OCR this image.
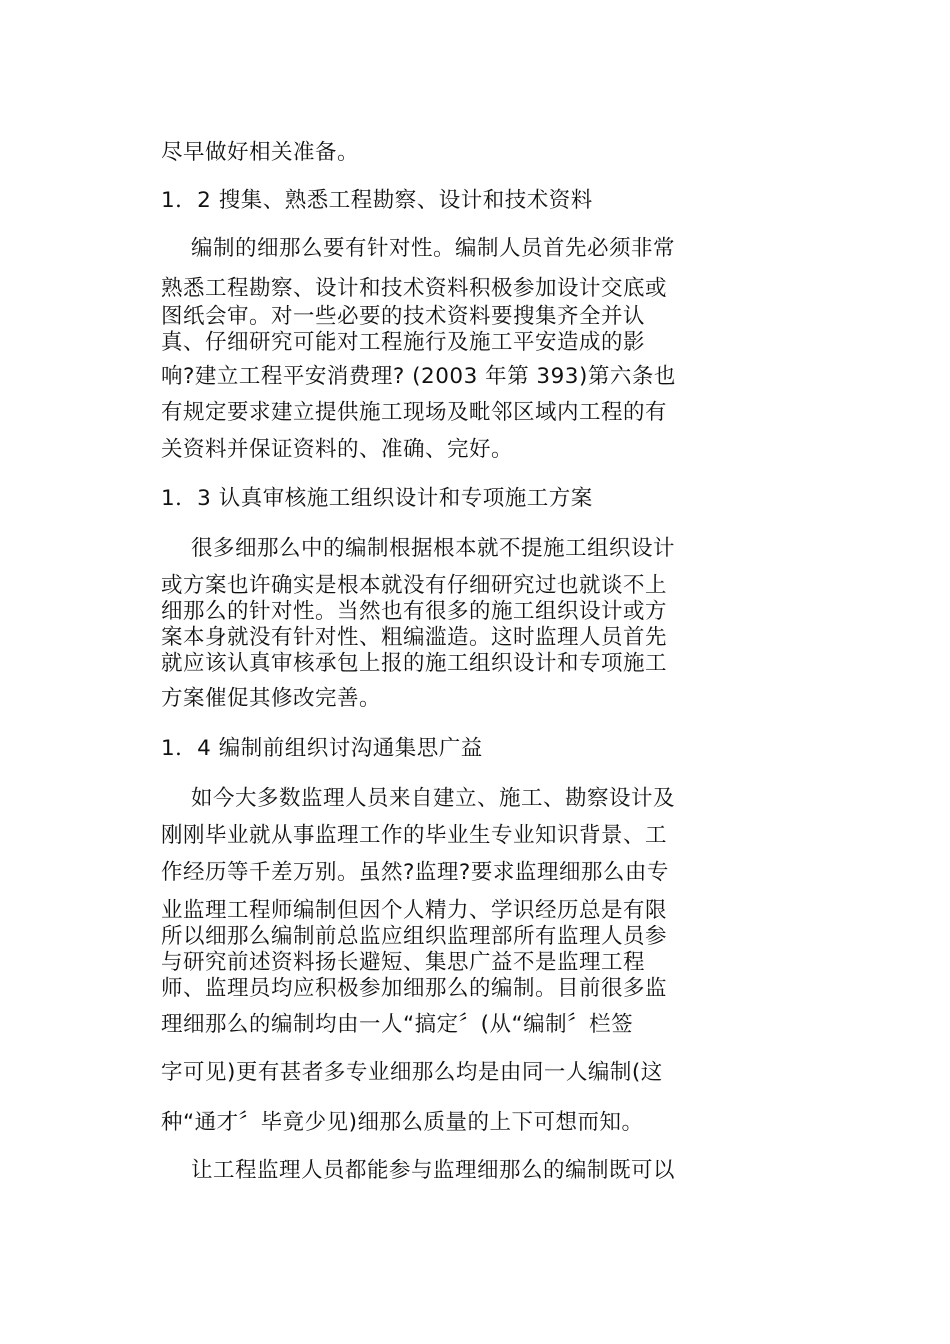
尽早做好相关准备。
1．2 搜集、熟悉工程勘察、设计和技术资料
编制的细那么要有针对性。编制人员首先必须非常
熟悉工程勘察、设计和技术资料积极参加设计交底或
图纸会审。对一些必要的技术资料要搜集齐全并认
真、仔细研究可能对工程施行及施工平安造成的影
响?建立工程平安消费理? (2003 年第 393)第六条也
有规定要求建立提供施工现场及毗邻区域内工程的有
关资料并保证资料的、准确、完好。
1．3 认真审核施工组织设计和专项施工方案
很多细那么中的编制根据根本就不提施工组织设计
或方案也许确实是根本就没有仔细研究过也就谈不上
细那么的针对性。当然也有很多的施工组织设计或方
案本身就没有针对性、粗编滥造。这时监理人员首先
就应该认真审核承包上报的施工组织设计和专项施工
方案催促其修改完善。
1．4 编制前组织讨沟通集思广益
如今大多数监理人员来自建立、施工、勘察设计及
刚刚毕业就从事监理工作的毕业生专业知识背景、工
作经历等千差万别。虽然?监理?要求监理细那么由专
业监理工程师编制但因个人精力、学识经历总是有限
所以细那么编制前总监应组织监理部所有监理人员参
与研究前述资料扬长避短、集思广益不是监理工程
师、监理员均应积极参加细那么的编制。目前很多监
理细那么的编制均由一人“搞定〞(从“编制〞栏签
字可见)更有甚者多专业细那么均是由同一人编制(这
种“通才〞毕竟少见)细那么质量的上下可想而知。
让工程监理人员都能参与监理细那么的编制既可以
